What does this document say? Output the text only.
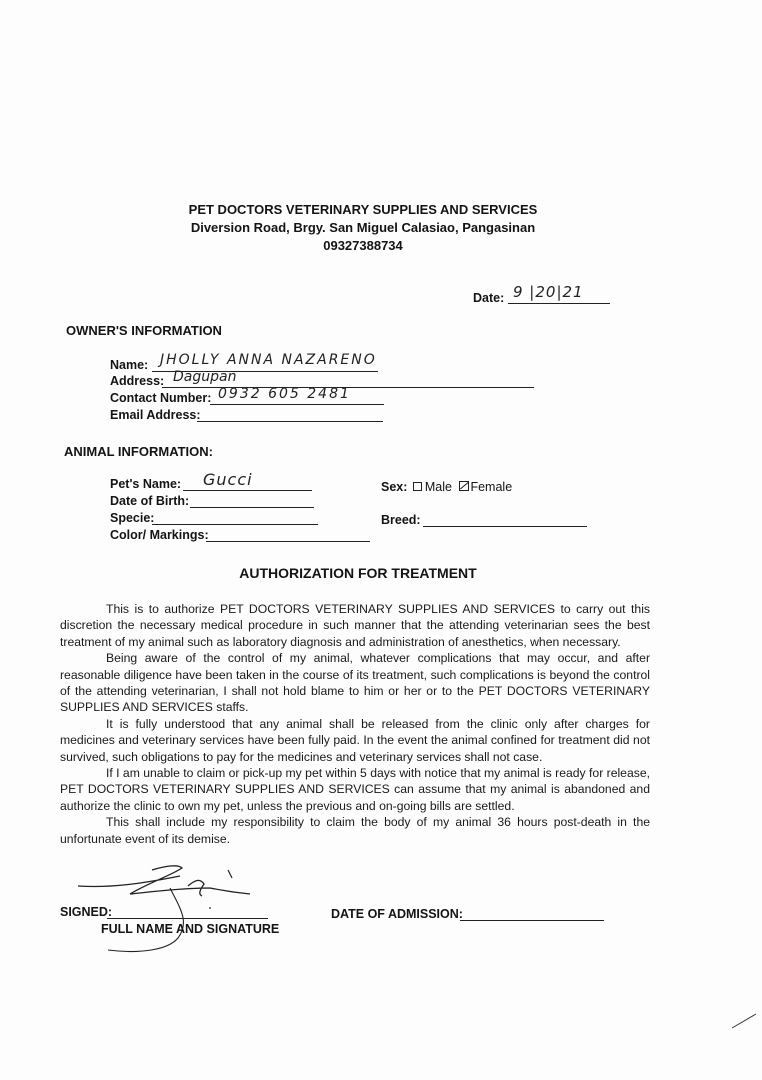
PET DOCTORS VETERINARY SUPPLIES AND SERVICES
Diversion Road, Brgy. San Miguel Calasiao, Pangasinan
09327388734
Date: 9 |20|21
OWNER'S INFORMATION
Name: JHOLLY ANNA NAZARENO
Address: Dagupan
Contact Number: 0932 605 2481
Email Address:
ANIMAL INFORMATION:
Pet's Name: Gucci
Date of Birth:
Specie:
Color/ Markings:
Sex: Male Female
Breed:
AUTHORIZATION FOR TREATMENT

This is to authorize PET DOCTORS VETERINARY SUPPLIES AND SERVICES to carry out this discretion the necessary medical procedure in such manner that the attending veterinarian sees the best treatment of my animal such as laboratory diagnosis and administration of anesthetics, when necessary.

Being aware of the control of my animal, whatever complications that may occur, and after reasonable diligence have been taken in the course of its treatment, such complications is beyond the control of the attending veterinarian, I shall not hold blame to him or her or to the PET DOCTORS VETERINARY SUPPLIES AND SERVICES staffs.

It is fully understood that any animal shall be released from the clinic only after charges for medicines and veterinary services have been fully paid. In the event the animal confined for treatment did not survived, such obligations to pay for the medicines and veterinary services shall not case.

If I am unable to claim or pick-up my pet within 5 days with notice that my animal is ready for release, PET DOCTORS VETERINARY SUPPLIES AND SERVICES can assume that my animal is abandoned and authorize the clinic to own my pet, unless the previous and on-going bills are settled.

This shall include my responsibility to claim the body of my animal 36 hours post-death in the unfortunate event of its demise.

SIGNED:
FULL NAME AND SIGNATURE
DATE OF ADMISSION:
